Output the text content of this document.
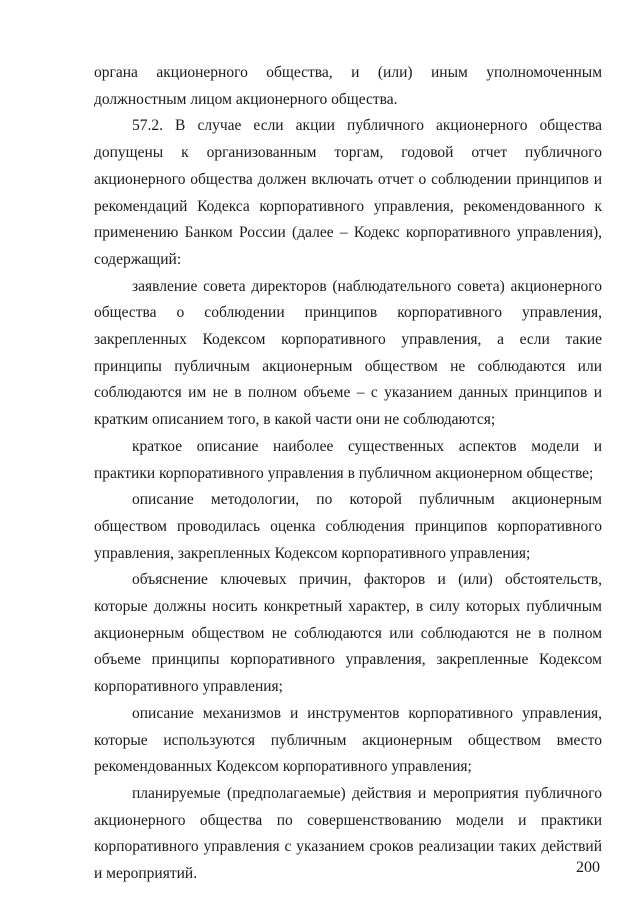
органа акционерного общества, и (или) иным уполномоченным должностным лицом акционерного общества.

57.2. В случае если акции публичного акционерного общества допущены к организованным торгам, годовой отчет публичного акционерного общества должен включать отчет о соблюдении принципов и рекомендаций Кодекса корпоративного управления, рекомендованного к применению Банком России (далее – Кодекс корпоративного управления), содержащий:

заявление совета директоров (наблюдательного совета) акционерного общества о соблюдении принципов корпоративного управления, закрепленных Кодексом корпоративного управления, а если такие принципы публичным акционерным обществом не соблюдаются или соблюдаются им не в полном объеме – с указанием данных принципов и кратким описанием того, в какой части они не соблюдаются;

краткое описание наиболее существенных аспектов модели и практики корпоративного управления в публичном акционерном обществе;

описание методологии, по которой публичным акционерным обществом проводилась оценка соблюдения принципов корпоративного управления, закрепленных Кодексом корпоративного управления;

объяснение ключевых причин, факторов и (или) обстоятельств, которые должны носить конкретный характер, в силу которых публичным акционерным обществом не соблюдаются или соблюдаются не в полном объеме принципы корпоративного управления, закрепленные Кодексом корпоративного управления;

описание механизмов и инструментов корпоративного управления, которые используются публичным акционерным обществом вместо рекомендованных Кодексом корпоративного управления;

планируемые (предполагаемые) действия и мероприятия публичного акционерного общества по совершенствованию модели и практики корпоративного управления с указанием сроков реализации таких действий и мероприятий.	200
